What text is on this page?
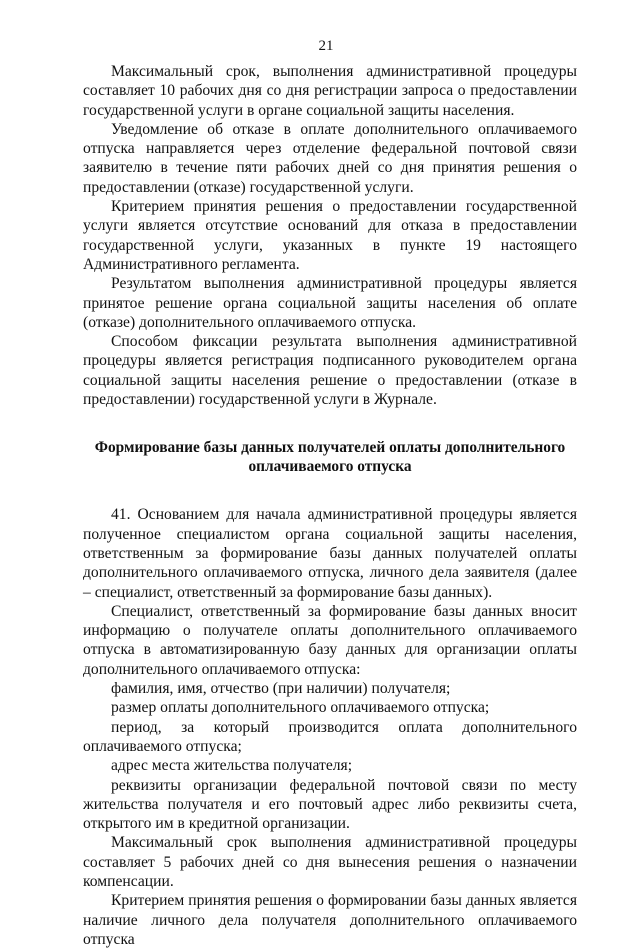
21

Максимальный срок, выполнения административной процедуры составляет 10 рабочих дня со дня регистрации запроса о предоставлении государственной услуги в органе социальной защиты населения.

Уведомление об отказе в оплате дополнительного оплачиваемого отпуска направляется через отделение федеральной почтовой связи заявителю в течение пяти рабочих дней со дня принятия решения о предоставлении (отказе) государственной услуги.

Критерием принятия решения о предоставлении государственной услуги является отсутствие оснований для отказа в предоставлении государственной услуги, указанных в пункте 19 настоящего Административного регламента.

Результатом выполнения административной процедуры является принятое решение органа социальной защиты населения об оплате (отказе) дополнительного оплачиваемого отпуска.

Способом фиксации результата выполнения административной процедуры является регистрация подписанного руководителем органа социальной защиты населения решение о предоставлении (отказе в предоставлении) государственной услуги в Журнале.

Формирование базы данных получателей оплаты дополнительного оплачиваемого отпуска

41. Основанием для начала административной процедуры является полученное специалистом органа социальной защиты населения, ответственным за формирование базы данных получателей оплаты дополнительного оплачиваемого отпуска, личного дела заявителя (далее – специалист, ответственный за формирование базы данных).

Специалист, ответственный за формирование базы данных вносит информацию о получателе оплаты дополнительного оплачиваемого отпуска в автоматизированную базу данных для организации оплаты дополнительного оплачиваемого отпуска:

фамилия, имя, отчество (при наличии) получателя;

размер оплаты дополнительного оплачиваемого отпуска;

период, за который производится оплата дополнительного оплачиваемого отпуска;

адрес места жительства получателя;

реквизиты организации федеральной почтовой связи по месту жительства получателя и его почтовый адрес либо реквизиты счета, открытого им в кредитной организации.

Максимальный срок выполнения административной процедуры составляет 5 рабочих дней со дня вынесения решения о назначении компенсации.

Критерием принятия решения о формировании базы данных является наличие личного дела получателя дополнительного оплачиваемого отпуска
